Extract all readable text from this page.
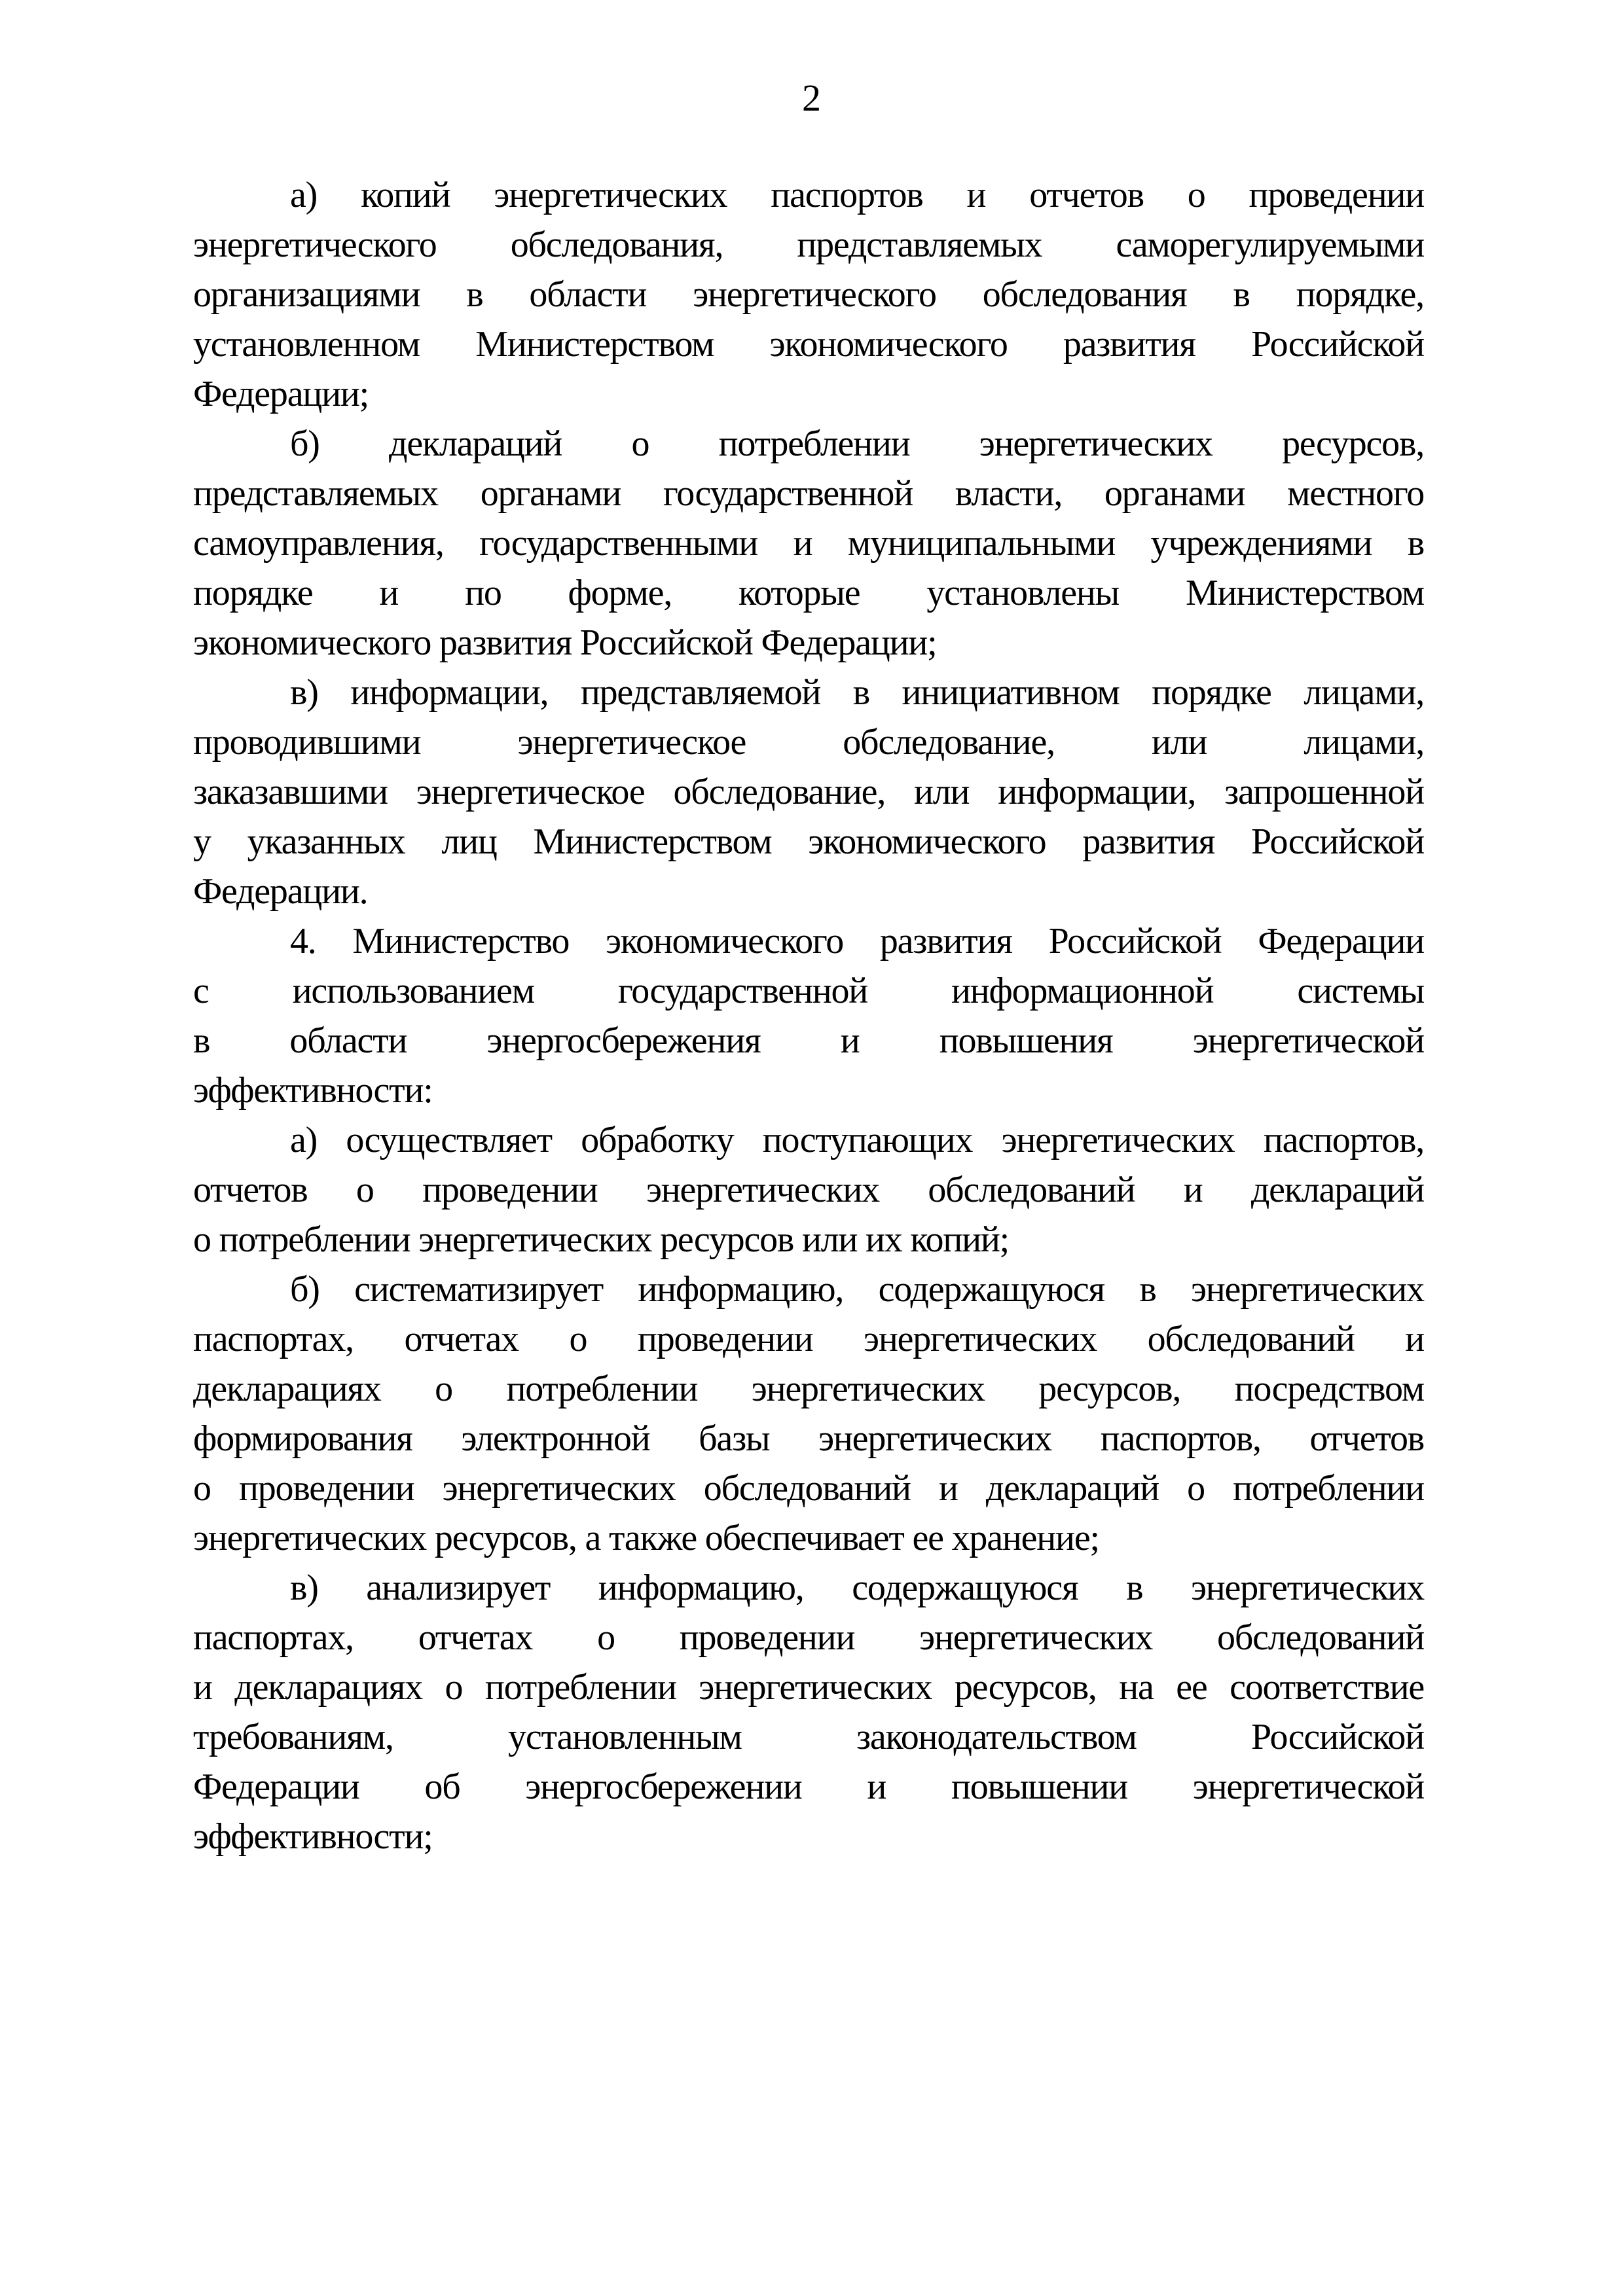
2
а) копий энергетических паспортов и отчетов о проведении
энергетического обследования, представляемых саморегулируемыми
организациями в области энергетического обследования в порядке,
установленном Министерством экономического развития Российской
Федерации;
б) деклараций о потреблении энергетических ресурсов,
представляемых органами государственной власти, органами местного
самоуправления, государственными и муниципальными учреждениями в
порядке и по форме, которые установлены Министерством
экономического развития Российской Федерации;
в) информации, представляемой в инициативном порядке лицами,
проводившими энергетическое обследование, или лицами,
заказавшими энергетическое обследование, или информации, запрошенной
у указанных лиц Министерством экономического развития Российской
Федерации.
4. Министерство экономического развития Российской Федерации
с использованием государственной информационной системы
в области энергосбережения и повышения энергетической
эффективности:
а) осуществляет обработку поступающих энергетических паспортов,
отчетов о проведении энергетических обследований и деклараций
о потреблении энергетических ресурсов или их копий;
б) систематизирует информацию, содержащуюся в энергетических
паспортах, отчетах о проведении энергетических обследований и
декларациях о потреблении энергетических ресурсов, посредством
формирования электронной базы энергетических паспортов, отчетов
о проведении энергетических обследований и деклараций о потреблении
энергетических ресурсов, а также обеспечивает ее хранение;
в) анализирует информацию, содержащуюся в энергетических
паспортах, отчетах о проведении энергетических обследований
и декларациях о потреблении энергетических ресурсов, на ее соответствие
требованиям, установленным законодательством Российской
Федерации об энергосбережении и повышении энергетической
эффективности;
